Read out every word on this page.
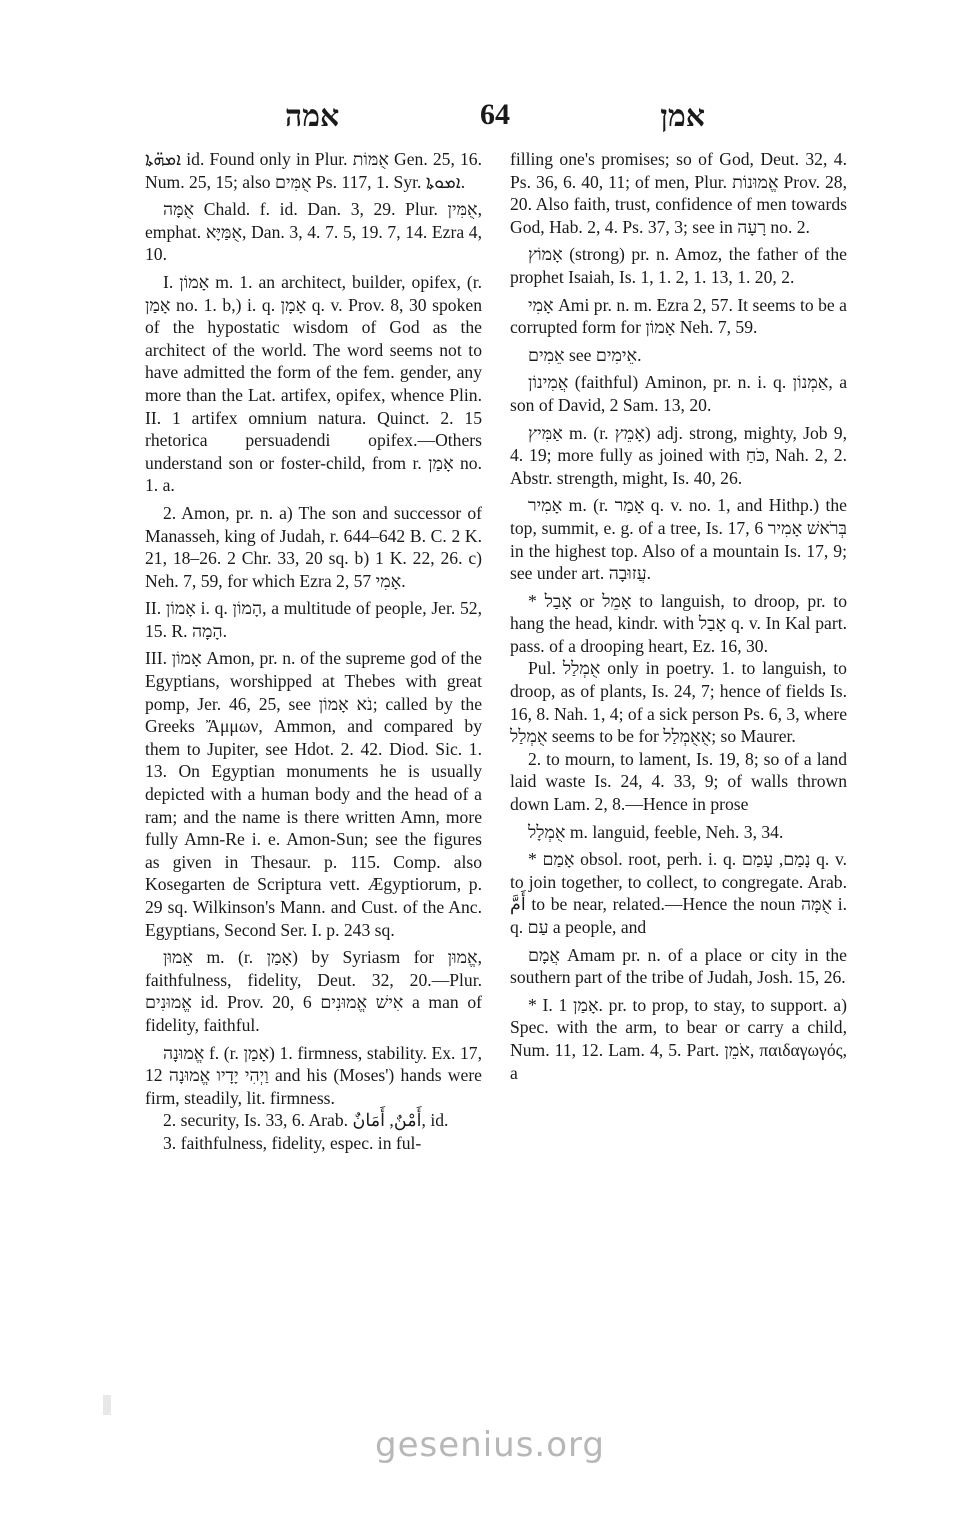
אמה	64	אמן

ܐܡܗ̈ܬܐ id. Found only in Plur. אֻמּוֹת Gen. 25, 16. Num. 25, 15; also אֻמִּים Ps. 117, 1. Syr. ܐܡܘܬܐ.

אֻמָּה Chald. f. id. Dan. 3, 29. Plur. אֻמִּין, emphat. אֻמַּיָּא, Dan. 3, 4. 7. 5, 19. 7, 14. Ezra 4, 10.

I. אָמוֹן m. 1. an architect, builder, opifex, (r. אָמַן no. 1. b,) i. q. אָמָן q. v. Prov. 8, 30 spoken of the hypostatic wisdom of God as the architect of the world. The word seems not to have admitted the form of the fem. gender, any more than the Lat. artifex, opifex, whence Plin. II. 1 artifex omnium natura. Quinct. 2. 15 rhetorica persuadendi opifex.—Others understand son or foster-child, from r. אָמַן no. 1. a.

2. Amon, pr. n. a) The son and successor of Manasseh, king of Judah, r. 644–642 B. C. 2 K. 21, 18–26. 2 Chr. 33, 20 sq. b) 1 K. 22, 26. c) Neh. 7, 59, for which Ezra 2, 57 אָמִי.

II. אָמוֹן i. q. הָמוֹן, a multitude of people, Jer. 52, 15. R. הָמָה.

III. אָמוֹן Amon, pr. n. of the supreme god of the Egyptians, worshipped at Thebes with great pomp, Jer. 46, 25, see נֹא אָמוֹן; called by the Greeks Ἄμμων, Ammon, and compared by them to Jupiter, see Hdot. 2. 42. Diod. Sic. 1. 13. On Egyptian monuments he is usually depicted with a human body and the head of a ram; and the name is there written Amn, more fully Amn-Re i. e. Amon-Sun; see the figures as given in Thesaur. p. 115. Comp. also Kosegarten de Scriptura vett. Ægyptiorum, p. 29 sq. Wilkinson's Mann. and Cust. of the Anc. Egyptians, Second Ser. I. p. 243 sq.

אֵמוּן m. (r. אָמַן) by Syriasm for אֱמוּן, faithfulness, fidelity, Deut. 32, 20.—Plur. אֱמוּנִים id. Prov. 20, 6 אִישׁ אֱמוּנִים a man of fidelity, faithful.

אֱמוּנָה f. (r. אָמַן) 1. firmness, stability. Ex. 17, 12 וַיְהִי יָדָיו אֱמוּנָה and his (Moses') hands were firm, steadily, lit. firmness.

2. security, Is. 33, 6. Arab. أَمْنٌ, أَمَانٌ, id.

3. faithfulness, fidelity, espec. in ful-

filling one's promises; so of God, Deut. 32, 4. Ps. 36, 6. 40, 11; of men, Plur. אֱמוּנוֹת Prov. 28, 20. Also faith, trust, confidence of men towards God, Hab. 2, 4. Ps. 37, 3; see in רָעָה no. 2.

אָמוֹץ (strong) pr. n. Amoz, the father of the prophet Isaiah, Is. 1, 1. 2, 1. 13, 1. 20, 2.

אָמִי Ami pr. n. m. Ezra 2, 57. It seems to be a corrupted form for אָמוֹן Neh. 7, 59.

אֵמִים see אֵימִים.

אֲמִינוֹן (faithful) Aminon, pr. n. i. q. אַמְנוֹן, a son of David, 2 Sam. 13, 20.

אַמִּיץ m. (r. אָמֵץ) adj. strong, mighty, Job 9, 4. 19; more fully as joined with כֹּחַ, Nah. 2, 2. Abstr. strength, might, Is. 40, 26.

אָמִיר m. (r. אָמַר q. v. no. 1, and Hithp.) the top, summit, e. g. of a tree, Is. 17, 6 בְּרֹאשׁ אָמִיר in the highest top. Also of a mountain Is. 17, 9; see under art. עֲזוּבָה.

* אָבַל or אָמֵל to languish, to droop, pr. to hang the head, kindr. with אָבַל q. v. In Kal part. pass. of a drooping heart, Ez. 16, 30.

Pul. אֻמְלַל only in poetry. 1. to languish, to droop, as of plants, Is. 24, 7; hence of fields Is. 16, 8. Nah. 1, 4; of a sick person Ps. 6, 3, where אֻמְלַל seems to be for אֻאֻמְלַל; so Maurer.

2. to mourn, to lament, Is. 19, 8; so of a land laid waste Is. 24, 4. 33, 9; of walls thrown down Lam. 2, 8.—Hence in prose

אֻמְלָל m. languid, feeble, Neh. 3, 34.

* אָמַם obsol. root, perh. i. q. נָמַם, עָמַם q. v. to join together, to collect, to congregate. Arab. أَمَّ to be near, related.—Hence the noun אֻמָּה i. q. עַם a people, and

אֲמָם Amam pr. n. of a place or city in the southern part of the tribe of Judah, Josh. 15, 26.

* I. אָמַן 1. pr. to prop, to stay, to support. a) Spec. with the arm, to bear or carry a child, Num. 11, 12. Lam. 4, 5. Part. אֹמֵן, παιδαγωγός, a

gesenius.org
